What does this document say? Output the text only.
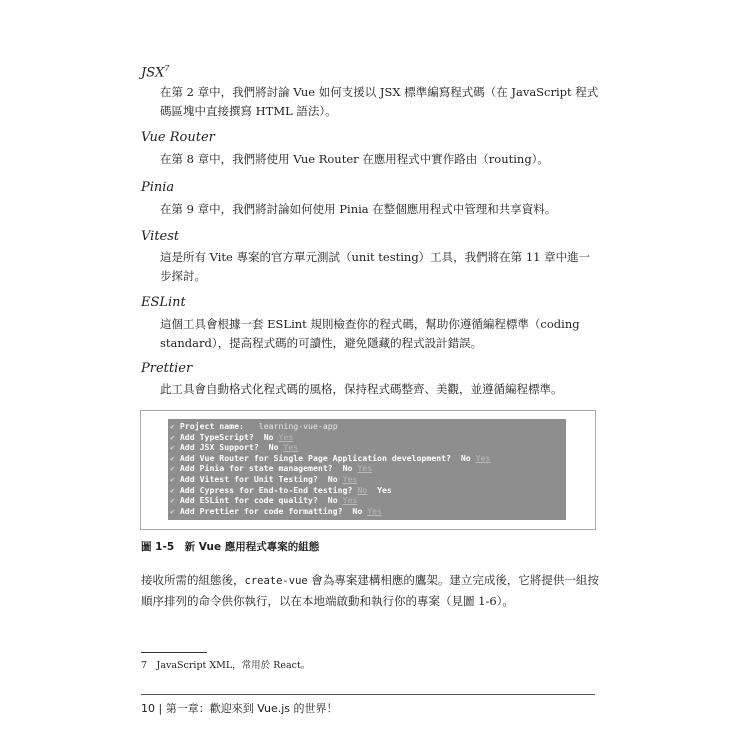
JSX$^7$
在第 2 章中，我們將討論 Vue 如何支援以 JSX 標準編寫程式碼（在 JavaScript 程式碼區塊中直接撰寫 HTML 語法）。
Vue Router
在第 8 章中，我們將使用 Vue Router 在應用程式中實作路由（routing）。
Pinia
在第 9 章中，我們將討論如何使用 Pinia 在整個應用程式中管理和共享資料。
Vitest
這是所有 Vite 專案的官方單元測試（unit testing）工具，我們將在第 11 章中進一步探討。
ESLint
這個工具會根據一套 ESLint 規則檢查你的程式碼，幫助你遵循編程標準（coding standard），提高程式碼的可讀性，避免隱藏的程式設計錯誤。
Prettier
此工具會自動格式化程式碼的風格，保持程式碼整齊、美觀，並遵循編程標準。
✔ Project name: learning-vue-app
✔ Add TypeScript? No Yes
✔ Add JSX Support? No Yes
✔ Add Vue Router for Single Page Application development? No Yes
✔ Add Pinia for state management? No Yes
✔ Add Vitest for Unit Testing? No Yes
✔ Add Cypress for End-to-End testing? No Yes
✔ Add ESLint for code quality? No Yes
✔ Add Prettier for code formatting? No Yes
圖 1-5　新 Vue 應用程式專案的組態
接收所需的組態後，create-vue 會為專案建構相應的鷹架。建立完成後，它將提供一組按順序排列的命令供你執行，以在本地端啟動和執行你的專案（見圖 1-6）。
7　JavaScript XML，常用於 React。
10 | 第一章：歡迎來到 Vue.js 的世界！
